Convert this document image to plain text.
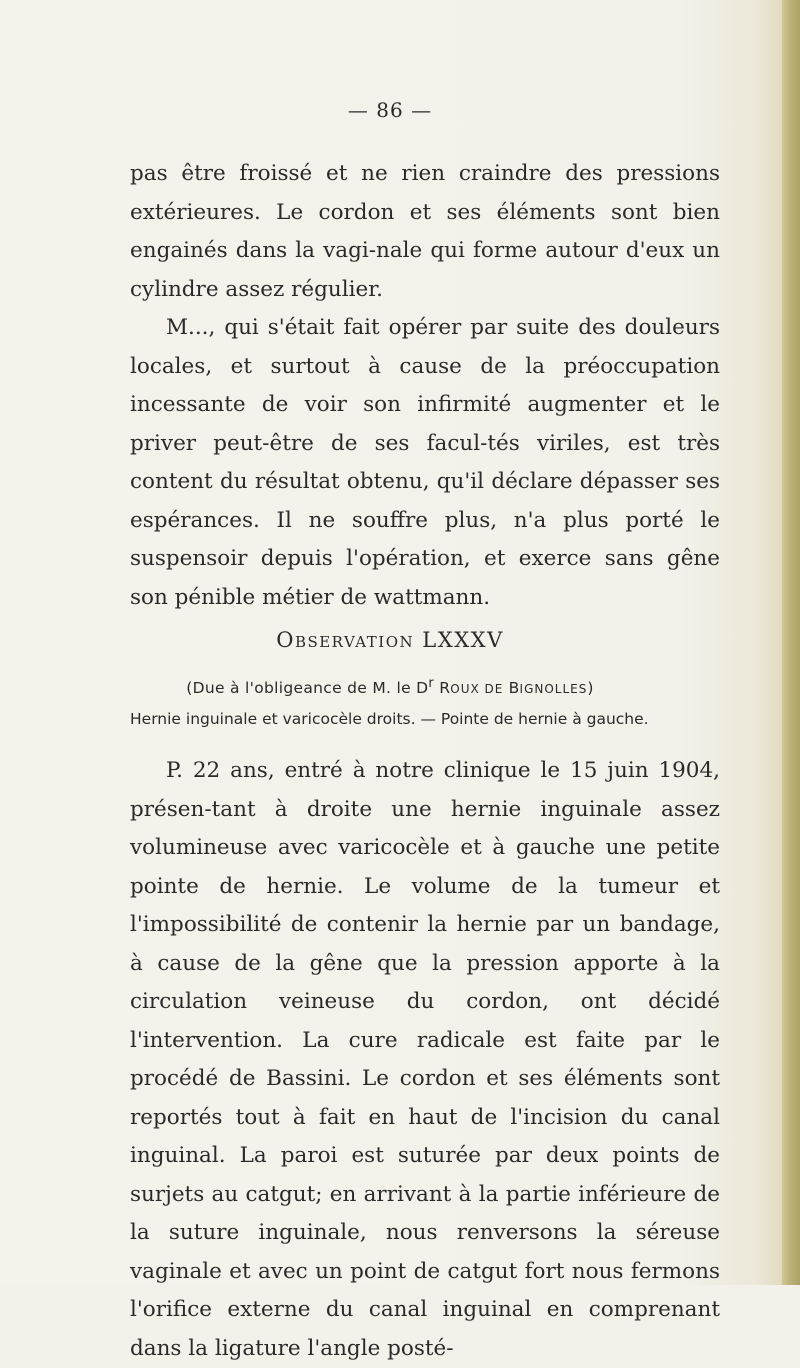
— 86 —

pas être froissé et ne rien craindre des pressions extérieures. Le cordon et ses éléments sont bien engainés dans la vagi-nale qui forme autour d'eux un cylindre assez régulier.

M..., qui s'était fait opérer par suite des douleurs locales, et surtout à cause de la préoccupation incessante de voir son infirmité augmenter et le priver peut-être de ses facul-tés viriles, est très content du résultat obtenu, qu'il déclare dépasser ses espérances. Il ne souffre plus, n'a plus porté le suspensoir depuis l'opération, et exerce sans gêne son pénible métier de wattmann.

OBSERVATION LXXXV
(Due à l'obligeance de M. le $D^r$ ROUX DE BIGNOLLES)
Hernie inguinale et varicocèle droits. — Pointe de hernie à gauche.

P. 22 ans, entré à notre clinique le 15 juin 1904, présen-tant à droite une hernie inguinale assez volumineuse avec varicocèle et à gauche une petite pointe de hernie. Le volume de la tumeur et l'impossibilité de contenir la hernie par un bandage, à cause de la gêne que la pression apporte à la circulation veineuse du cordon, ont décidé l'intervention. La cure radicale est faite par le procédé de Bassini. Le cordon et ses éléments sont reportés tout à fait en haut de l'incision du canal inguinal. La paroi est suturée par deux points de surjets au catgut; en arrivant à la partie inférieure de la suture inguinale, nous renversons la séreuse vaginale et avec un point de catgut fort nous fermons l'orifice externe du canal inguinal en comprenant dans la ligature l'angle posté-
